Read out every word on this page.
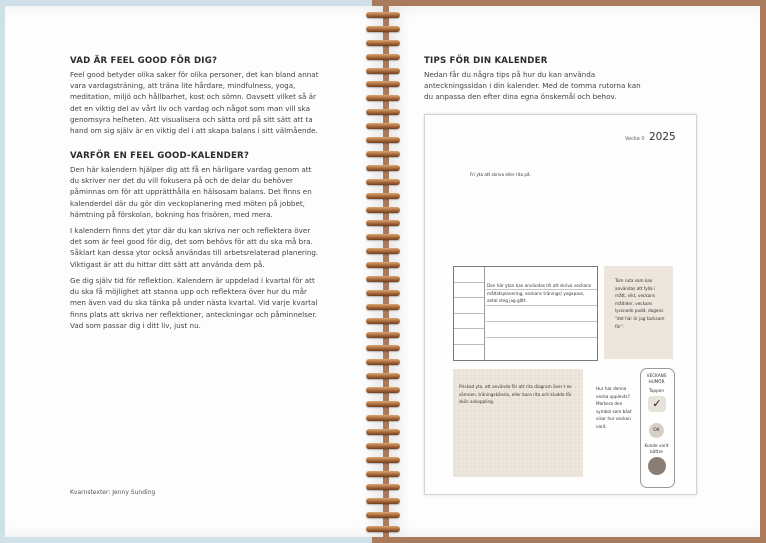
VAD ÄR FEEL GOOD FÖR DIG?

Feel good betyder olika saker för olika personer, det kan bland annat vara vardagsträning, att träna lite hårdare, mindfulness, yoga, meditation, miljö och hållbarhet, kost och sömn. Oavsett vilket så är det en viktig del av vårt liv och vardag och något som man vill ska genomsyra helheten. Att visualisera och sätta ord på sitt sätt att ta hand om sig själv är en viktig del i att skapa balans i sitt välmående.

VARFÖR EN FEEL GOOD-KALENDER?

Den här kalendern hjälper dig att få en härligare vardag genom att du skriver ner det du vill fokusera på och de delar du behöver påminnas om för att upprätthålla en hälsosam balans. Det finns en kalenderdel där du gör din veckoplanering med möten på jobbet, hämtning på förskolan, bokning hos frisören, med mera.

I kalendern finns det ytor där du kan skriva ner och reflektera över det som är feel good för dig, det som behövs för att du ska må bra. Såklart kan dessa ytor också användas till arbetsrelaterad planering. Viktigast är att du hittar ditt sätt att använda dem på.

Ge dig själv tid för reflektion. Kalendern är uppdelad i kvartal för att du ska få möjlighet att stanna upp och reflektera över hur du mår men även vad du ska tänka på under nästa kvartal. Vid varje kvartal finns plats att skriva ner reflektioner, anteckningar och påminnelser. Vad som passar dig i ditt liv, just nu.

Kvarnstexter: Jenny Sunding
TIPS FÖR DIN KALENDER

Nedan får du några tips på hur du kan använda anteckningssidan i din kalender. Med de tomma rutorna kan du anpassa den efter dina egna önskemål och behov.

Vecka 0 2025

Fri yta att skriva eller rita på.

Den här ytan kan användas till att skriva veckans måltidsplanering, veckans tränings/ yogapass, antal steg jag gått.

Tom ruta som kan användas att fylla i mått, vikt, veckans måltider, veckans lyssnade podd, dagens "det här är jag tacksam för".

Prickad yta, att använda för att rita diagram över t ex sömnen, träningskänsla, eller bara rita och kludda för skön avkoppling.

Hur har denna vecka upplevts? Markera den symbol som bäst visar hur veckan varit.

VECKANS HUMÖR
Toppen
✓
OK
Kunde varit bättre
